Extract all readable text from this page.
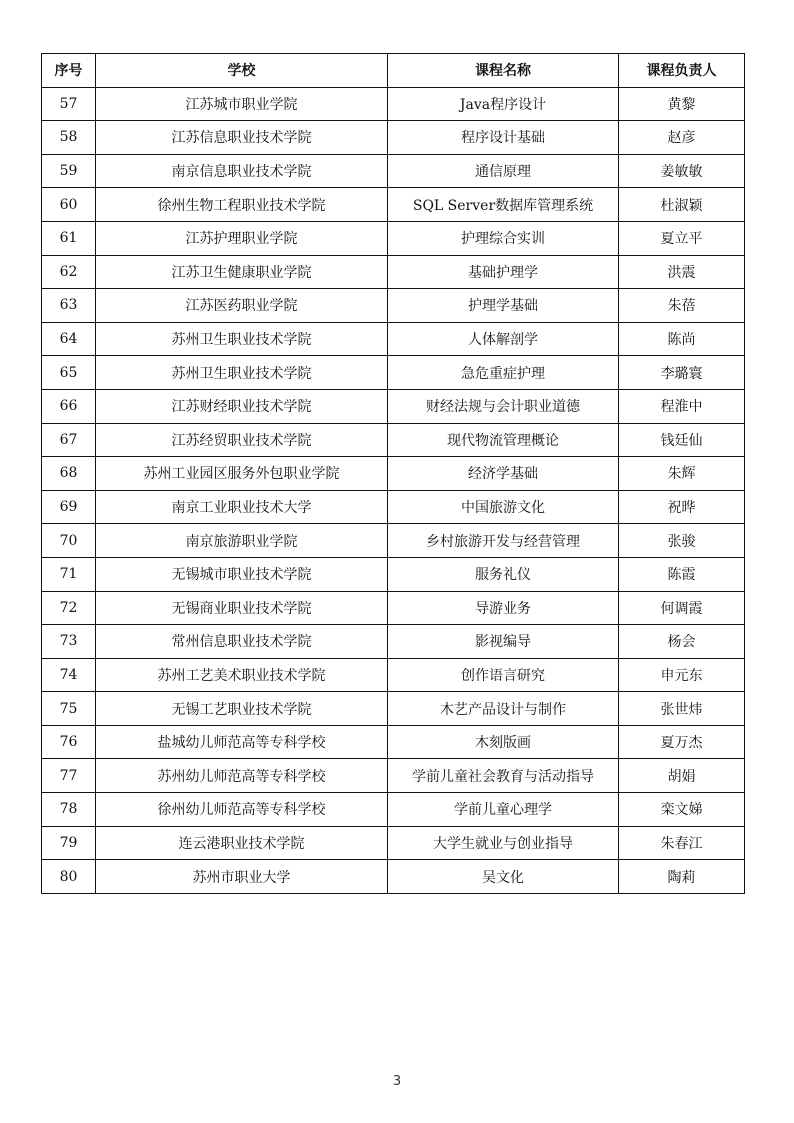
序号	学校	课程名称	课程负责人
57	江苏城市职业学院	Java程序设计	黄黎
58	江苏信息职业技术学院	程序设计基础	赵彦
59	南京信息职业技术学院	通信原理	姜敏敏
60	徐州生物工程职业技术学院	SQL Server数据库管理系统	杜淑颖
61	江苏护理职业学院	护理综合实训	夏立平
62	江苏卫生健康职业学院	基础护理学	洪震
63	江苏医药职业学院	护理学基础	朱蓓
64	苏州卫生职业技术学院	人体解剖学	陈尚
65	苏州卫生职业技术学院	急危重症护理	李璐寰
66	江苏财经职业技术学院	财经法规与会计职业道德	程淮中
67	江苏经贸职业技术学院	现代物流管理概论	钱廷仙
68	苏州工业园区服务外包职业学院	经济学基础	朱辉
69	南京工业职业技术大学	中国旅游文化	祝晔
70	南京旅游职业学院	乡村旅游开发与经营管理	张骏
71	无锡城市职业技术学院	服务礼仪	陈霞
72	无锡商业职业技术学院	导游业务	何调霞
73	常州信息职业技术学院	影视编导	杨会
74	苏州工艺美术职业技术学院	创作语言研究	申元东
75	无锡工艺职业技术学院	木艺产品设计与制作	张世炜
76	盐城幼儿师范高等专科学校	木刻版画	夏万杰
77	苏州幼儿师范高等专科学校	学前儿童社会教育与活动指导	胡娟
78	徐州幼儿师范高等专科学校	学前儿童心理学	栾文娣
79	连云港职业技术学院	大学生就业与创业指导	朱春江
80	苏州市职业大学	吴文化	陶莉
3
